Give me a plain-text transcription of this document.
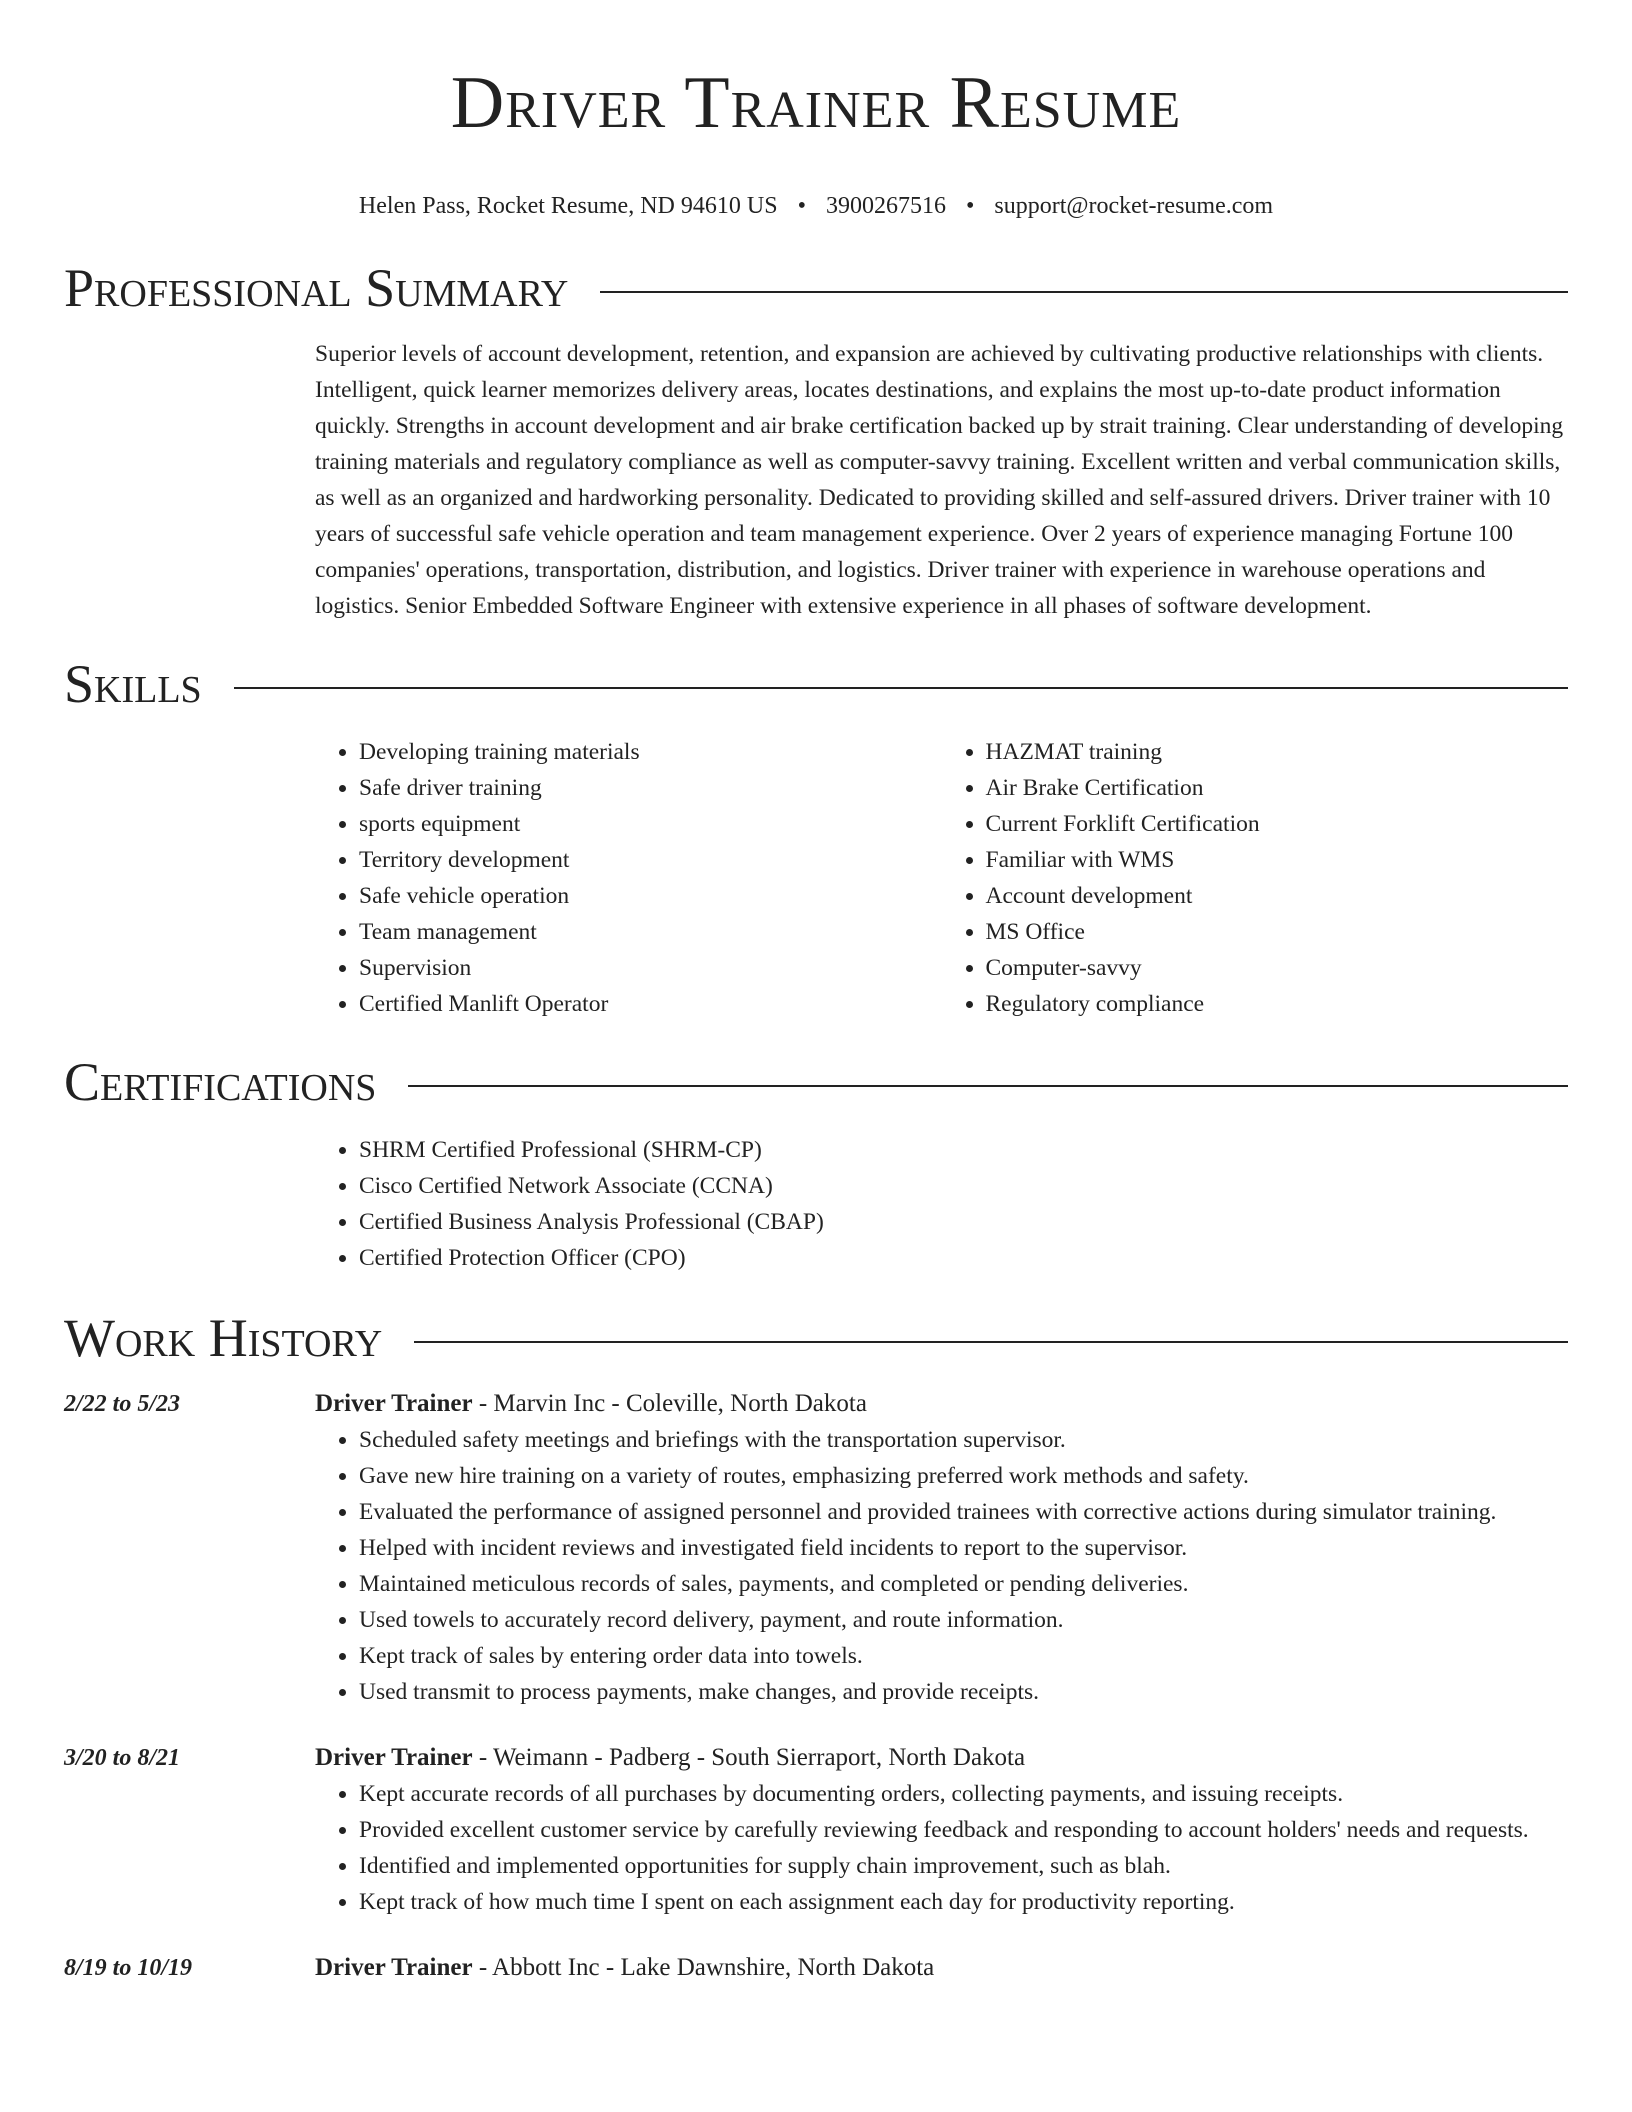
Driver Trainer Resume
Helen Pass, Rocket Resume, ND 94610 US • 3900267516 • support@rocket-resume.com
Professional Summary

Superior levels of account development, retention, and expansion are achieved by cultivating productive relationships with clients. Intelligent, quick learner memorizes delivery areas, locates destinations, and explains the most up-to-date product information quickly. Strengths in account development and air brake certification backed up by strait training. Clear understanding of developing training materials and regulatory compliance as well as computer-savvy training. Excellent written and verbal communication skills, as well as an organized and hardworking personality. Dedicated to providing skilled and self-assured drivers. Driver trainer with 10 years of successful safe vehicle operation and team management experience. Over 2 years of experience managing Fortune 100 companies' operations, transportation, distribution, and logistics. Driver trainer with experience in warehouse operations and logistics. Senior Embedded Software Engineer with extensive experience in all phases of software development.

Skills
• Developing training materials
• Safe driver training
• sports equipment
• Territory development
• Safe vehicle operation
• Team management
• Supervision
• Certified Manlift Operator
• HAZMAT training
• Air Brake Certification
• Current Forklift Certification
• Familiar with WMS
• Account development
• MS Office
• Computer-savvy
• Regulatory compliance
Certifications
• SHRM Certified Professional (SHRM-CP)
• Cisco Certified Network Associate (CCNA)
• Certified Business Analysis Professional (CBAP)
• Certified Protection Officer (CPO)
Work History
2/22 to 5/23	Driver Trainer - Marvin Inc - Coleville, North Dakota
• Scheduled safety meetings and briefings with the transportation supervisor.
• Gave new hire training on a variety of routes, emphasizing preferred work methods and safety.
• Evaluated the performance of assigned personnel and provided trainees with corrective actions during simulator training.
• Helped with incident reviews and investigated field incidents to report to the supervisor.
• Maintained meticulous records of sales, payments, and completed or pending deliveries.
• Used towels to accurately record delivery, payment, and route information.
• Kept track of sales by entering order data into towels.
• Used transmit to process payments, make changes, and provide receipts.
3/20 to 8/21	Driver Trainer - Weimann - Padberg - South Sierraport, North Dakota
• Kept accurate records of all purchases by documenting orders, collecting payments, and issuing receipts.
• Provided excellent customer service by carefully reviewing feedback and responding to account holders' needs and requests.
• Identified and implemented opportunities for supply chain improvement, such as blah.
• Kept track of how much time I spent on each assignment each day for productivity reporting.
8/19 to 10/19	Driver Trainer - Abbott Inc - Lake Dawnshire, North Dakota
